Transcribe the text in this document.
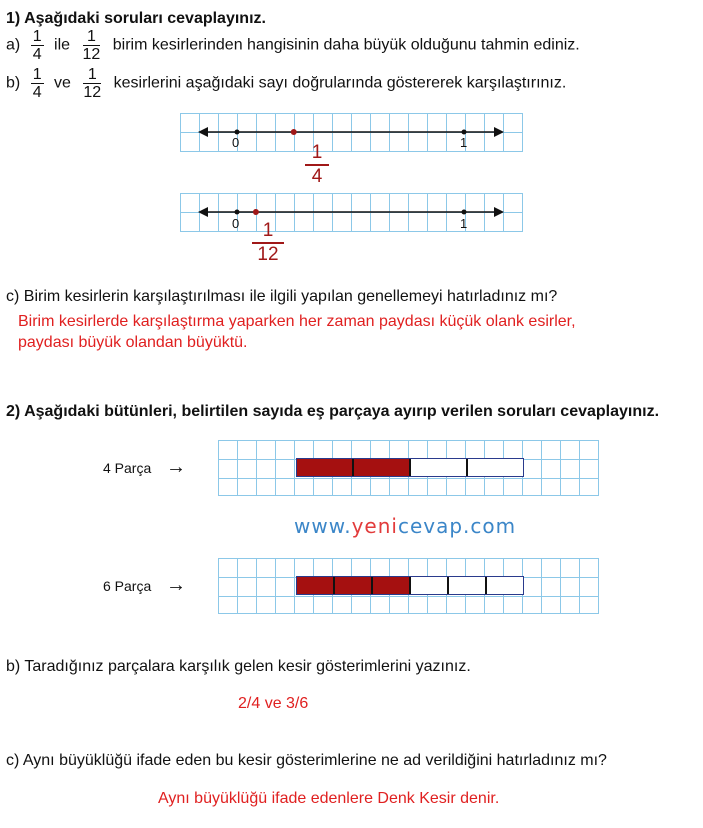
1) Aşağıdaki soruları cevaplayınız.
$a) \frac{1}{4}$ ile $\frac{1}{12}$ birim kesirlerinden hangisinin daha büyük olduğunu tahmin ediniz.
$b) \frac{1}{4}$ ve $\frac{1}{12}$ kesirlerini aşağıdaki sayı doğrularında göstererek karşılaştırınız.
0	1
$\frac{1}{4}$
0	1
$\frac{1}{12}$
c) Birim kesirlerin karşılaştırılması ile ilgili yapılan genellemeyi hatırladınız mı?
Birim kesirlerde karşılaştırma yaparken her zaman paydası küçük olank esirler,
paydası büyük olandan büyüktü.
2) Aşağıdaki bütünleri, belirtilen sayıda eş parçaya ayırıp verilen soruları cevaplayınız.
4 Parça →
www.yenicevap.com
6 Parça →
b) Taradığınız parçalara karşılık gelen kesir gösterimlerini yazınız.
2/4 ve 3/6
c) Aynı büyüklüğü ifade eden bu kesir gösterimlerine ne ad verildiğini hatırladınız mı?
Aynı büyüklüğü ifade edenlere Denk Kesir denir.
